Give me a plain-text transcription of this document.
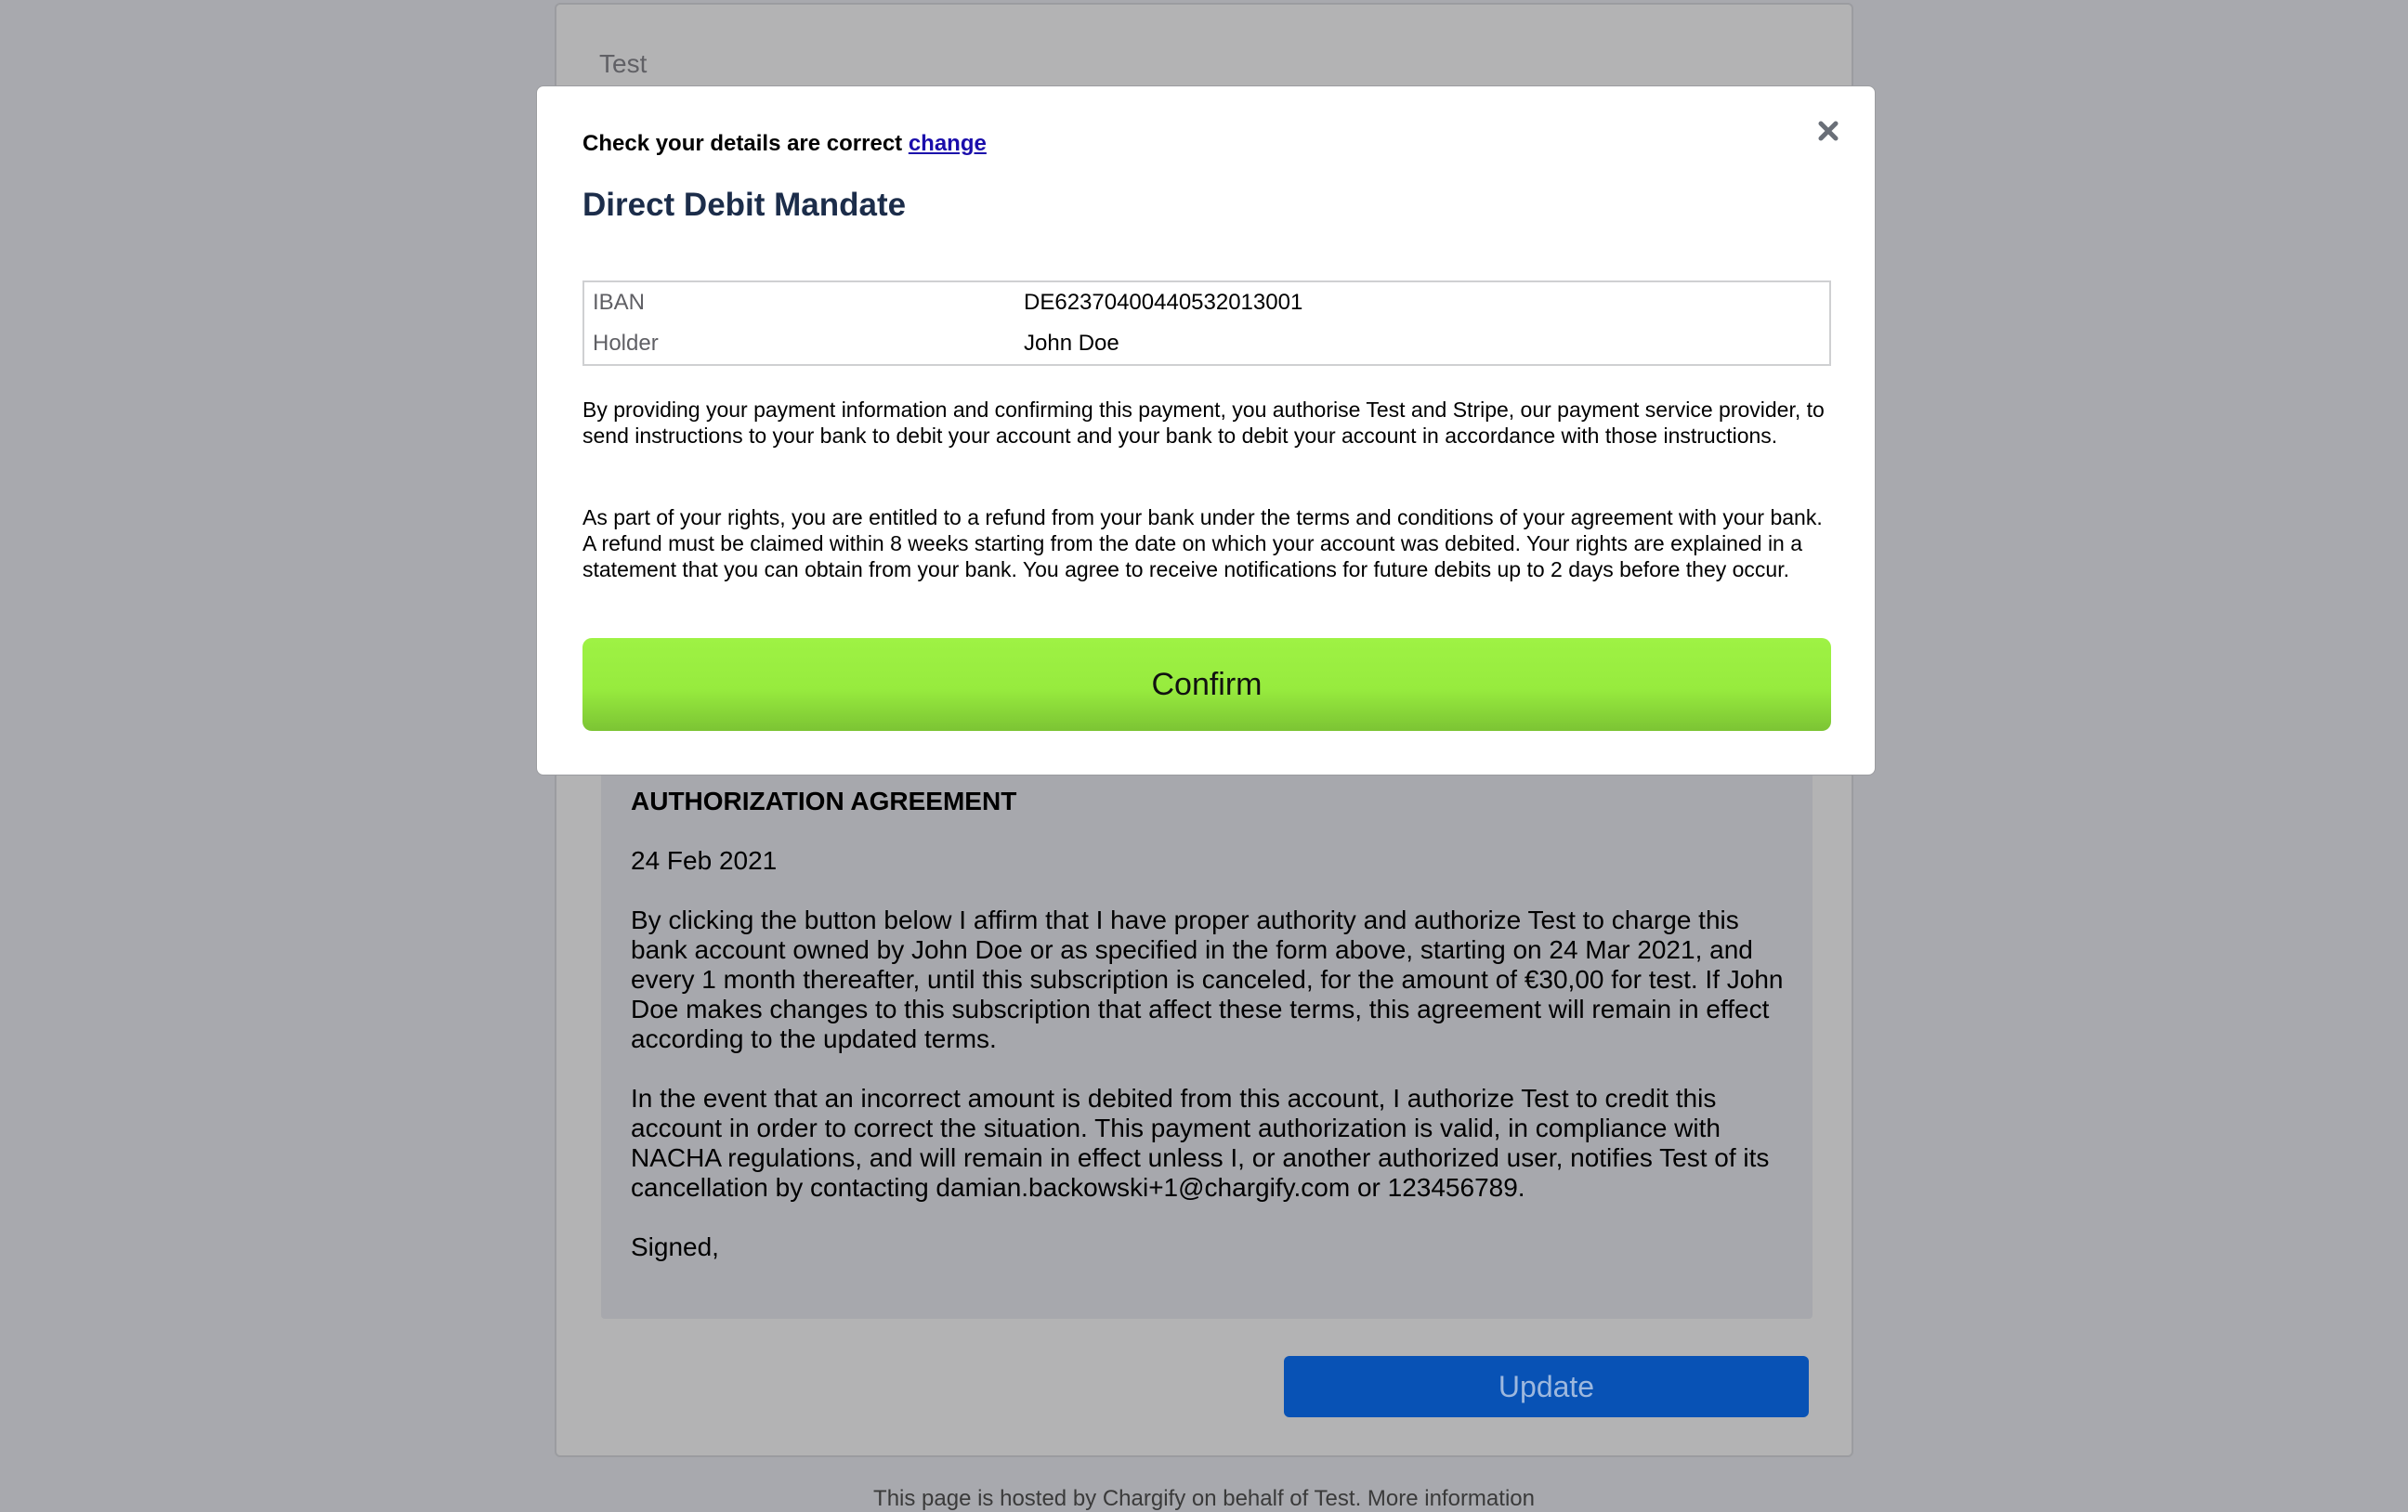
Test

AUTHORIZATION AGREEMENT

24 Feb 2021

By clicking the button below I affirm that I have proper authority and authorize Test to charge this bank account owned by John Doe or as specified in the form above, starting on 24 Mar 2021, and every 1 month thereafter, until this subscription is canceled, for the amount of €30,00 for test. If John Doe makes changes to this subscription that affect these terms, this agreement will remain in effect according to the updated terms.

In the event that an incorrect amount is debited from this account, I authorize Test to credit this account in order to correct the situation. This payment authorization is valid, in compliance with NACHA regulations, and will remain in effect unless I, or another authorized user, notifies Test of its cancellation by contacting damian.backowski+1@chargify.com or 123456789.

Signed,

Update
This page is hosted by Chargify on behalf of Test. More information
Check your details are correct change
Direct Debit Mandate
IBAN	DE62370400440532013001
Holder	John Doe

By providing your payment information and confirming this payment, you authorise Test and Stripe, our payment service provider, to send instructions to your bank to debit your account and your bank to debit your account in accordance with those instructions.

As part of your rights, you are entitled to a refund from your bank under the terms and conditions of your agreement with your bank. A refund must be claimed within 8 weeks starting from the date on which your account was debited. Your rights are explained in a statement that you can obtain from your bank. You agree to receive notifications for future debits up to 2 days before they occur.

Confirm
